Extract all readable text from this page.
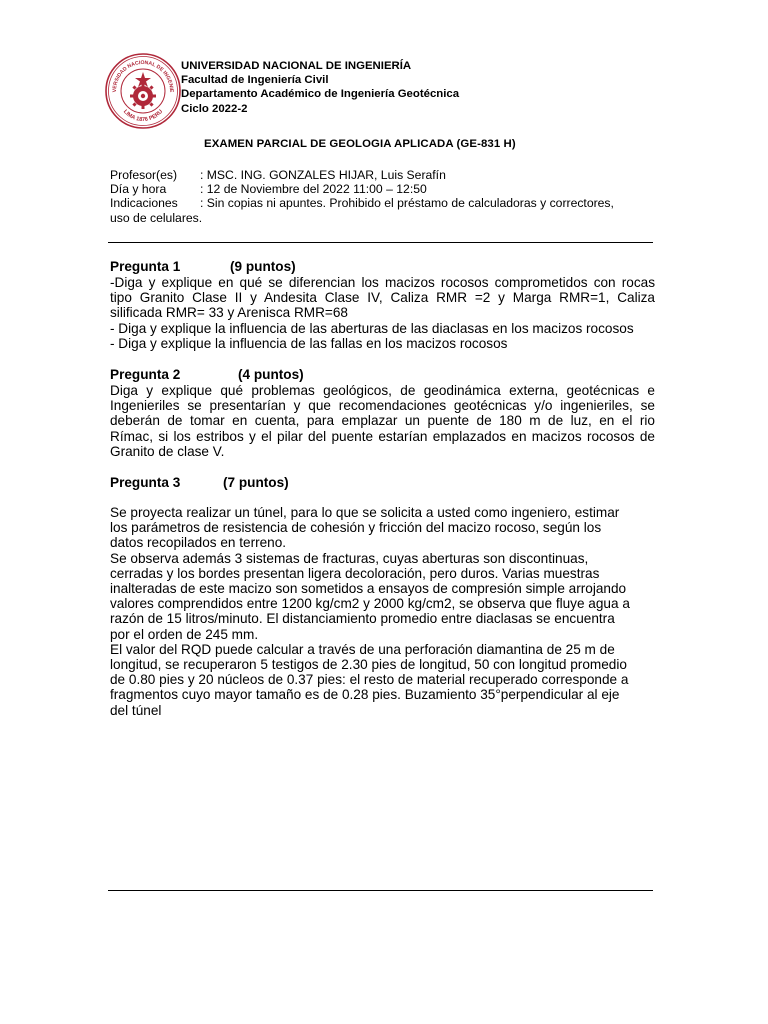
VERSIDAD NACIONAL DE INGENIE
LIMA 1876 PERU
UNIVERSIDAD NACIONAL DE INGENIERÍA
Facultad de Ingeniería Civil
Departamento Académico de Ingeniería Geotécnica
Ciclo 2022-2
EXAMEN PARCIAL DE GEOLOGIA APLICADA (GE-831 H)
Profesor(es) : MSC. ING. GONZALES HIJAR, Luis Serafín
Día y hora	: 12 de Noviembre del 2022 11:00 – 12:50
Indicaciones : Sin copias ni apuntes. Prohibido el préstamo de calculadoras y correctores,
uso de celulares.
Pregunta 1	(9 puntos)
-Diga y explique en qué se diferencian los macizos rocosos comprometidos con rocas
tipo Granito Clase II y Andesita Clase IV, Caliza RMR =2 y Marga RMR=1, Caliza
silificada RMR= 33 y Arenisca RMR=68
- Diga y explique la influencia de las aberturas de las diaclasas en los macizos rocosos
- Diga y explique la influencia de las fallas en los macizos rocosos
Pregunta 2	(4 puntos)
Diga y explique qué problemas geológicos, de geodinámica externa, geotécnicas e
Ingenieriles se presentarían y que recomendaciones geotécnicas y/o ingenieriles, se
deberán de tomar en cuenta, para emplazar un puente de 180 m de luz, en el rio
Rímac, si los estribos y el pilar del puente estarían emplazados en macizos rocosos de
Granito de clase V.
Pregunta 3	(7 puntos)
Se proyecta realizar un túnel, para lo que se solicita a usted como ingeniero, estimar
los parámetros de resistencia de cohesión y fricción del macizo rocoso, según los
datos recopilados en terreno.
Se observa además 3 sistemas de fracturas, cuyas aberturas son discontinuas,
cerradas y los bordes presentan ligera decoloración, pero duros. Varias muestras
inalteradas de este macizo son sometidos a ensayos de compresión simple arrojando
valores comprendidos entre 1200 kg/cm2 y 2000 kg/cm2, se observa que fluye agua a
razón de 15 litros/minuto. El distanciamiento promedio entre diaclasas se encuentra
por el orden de 245 mm.
El valor del RQD puede calcular a través de una perforación diamantina de 25 m de
longitud, se recuperaron 5 testigos de 2.30 pies de longitud, 50 con longitud promedio
de 0.80 pies y 20 núcleos de 0.37 pies: el resto de material recuperado corresponde a
fragmentos cuyo mayor tamaño es de 0.28 pies. Buzamiento 35°perpendicular al eje
del túnel
